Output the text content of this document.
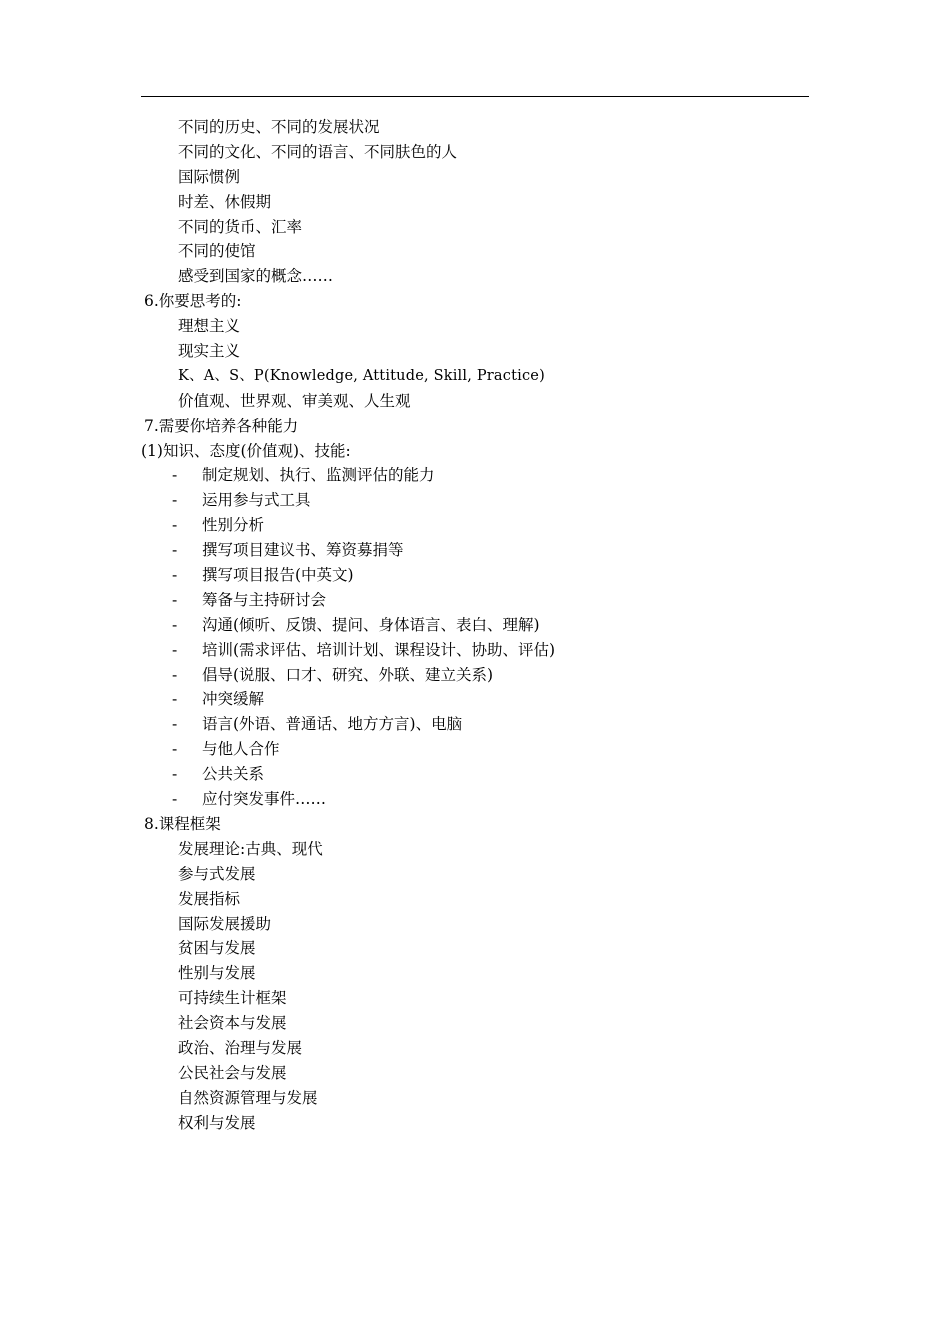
不同的历史、不同的发展状况
不同的文化、不同的语言、不同肤色的人
国际惯例
时差、休假期
不同的货币、汇率
不同的使馆
感受到国家的概念……
6.你要思考的:
理想主义
现实主义
K、A、S、P(Knowledge, Attitude, Skill, Practice)
价值观、世界观、审美观、人生观
7.需要你培养各种能力
(1)知识、态度(价值观)、技能:
- 制定规划、执行、监测评估的能力
- 运用参与式工具
- 性别分析
- 撰写项目建议书、筹资募捐等
- 撰写项目报告(中英文)
- 筹备与主持研讨会
- 沟通(倾听、反馈、提问、身体语言、表白、理解)
- 培训(需求评估、培训计划、课程设计、协助、评估)
- 倡导(说服、口才、研究、外联、建立关系)
- 冲突缓解
- 语言(外语、普通话、地方方言)、电脑
- 与他人合作
- 公共关系
- 应付突发事件……
8.课程框架
发展理论:古典、现代
参与式发展
发展指标
国际发展援助
贫困与发展
性别与发展
可持续生计框架
社会资本与发展
政治、治理与发展
公民社会与发展
自然资源管理与发展
权利与发展
